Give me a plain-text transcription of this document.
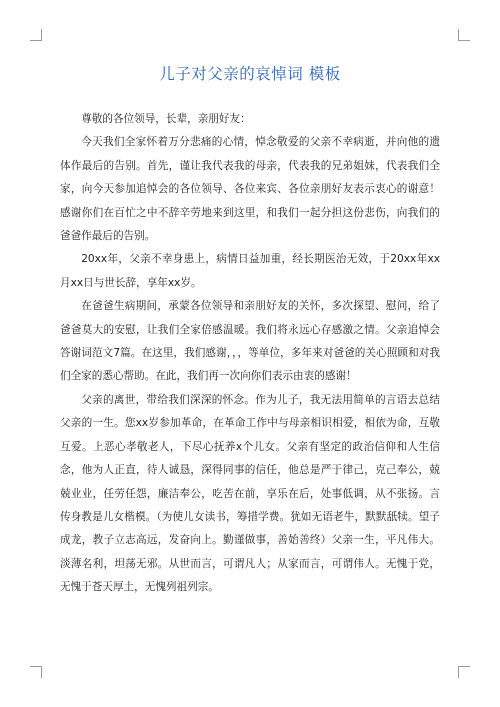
儿子对父亲的哀悼词 模板

尊敬的各位领导，长辈，亲朋好友：

今天我们全家怀着万分悲痛的心情，悼念敬爱的父亲不幸病逝，并向他的遗体作最后的告别。首先，谨让我代表我的母亲，代表我的兄弟姐妹，代表我们全家，向今天参加追悼会的各位领导、各位来宾、各位亲朋好友表示衷心的谢意！感谢你们在百忙之中不辞辛劳地来到这里，和我们一起分担这份悲伤，向我们的爸爸作最后的告别。

20xx年，父亲不幸身患上，病情日益加重，经长期医治无效，于20xx年xx月xx日与世长辞，享年xx岁。

在爸爸生病期间，承蒙各位领导和亲朋好友的关怀，多次探望、慰问，给了爸爸莫大的安慰，让我们全家倍感温暖。我们将永远心存感激之情。父亲追悼会答谢词范文7篇。在这里，我们感谢，，，等单位，多年来对爸爸的关心照顾和对我们全家的悉心帮助。在此，我们再一次向你们表示由衷的感谢！

父亲的离世，带给我们深深的怀念。作为儿子，我无法用简单的言语去总结父亲的一生。您xx岁参加革命，在革命工作中与母亲相识相爱，相依为命，互敬互爱。上恶心孝敬老人，下尽心抚养x个儿女。父亲有坚定的政治信仰和人生信念，他为人正直，待人诚恳，深得同事的信任，他总是严于律己，克己奉公，兢兢业业，任劳任怨，廉洁奉公，吃苦在前，享乐在后，处事低调，从不张扬。言传身教是儿女楷模。（为使儿女读书，筹措学费。犹如无语老牛，默默舐犊。望子成龙，教子立志高远，发奋向上。勤谨做事，善始善终）父亲一生，平凡伟大。淡薄名利，坦荡无邪。从世而言，可谓凡人；从家而言，可谓伟人。无愧于党，无愧于苍天厚土，无愧列祖列宗。
